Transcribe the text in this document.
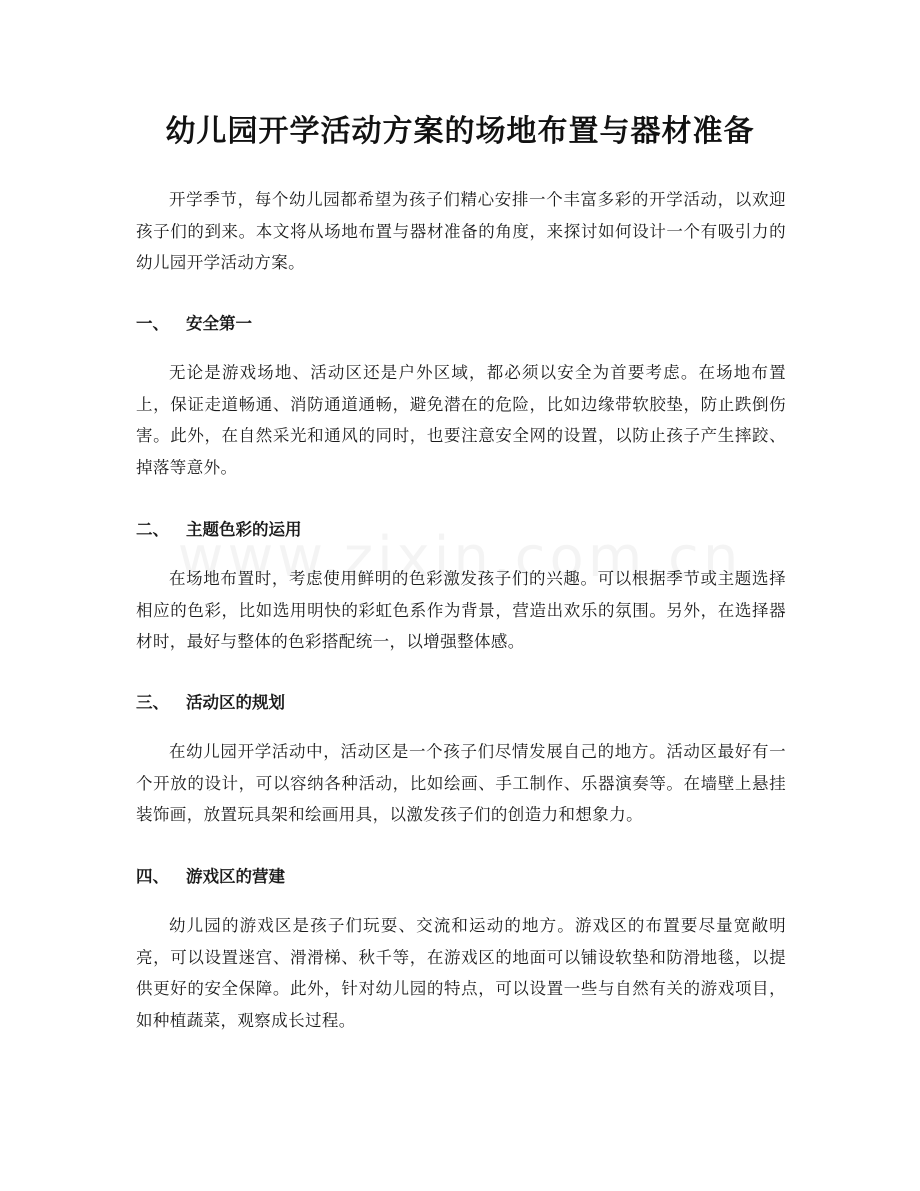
幼儿园开学活动方案的场地布置与器材准备

开学季节，每个幼儿园都希望为孩子们精心安排一个丰富多彩的开学活动，以欢迎孩子们的到来。本文将从场地布置与器材准备的角度，来探讨如何设计一个有吸引力的幼儿园开学活动方案。

一、 安全第一

无论是游戏场地、活动区还是户外区域，都必须以安全为首要考虑。在场地布置上，保证走道畅通、消防通道通畅，避免潜在的危险，比如边缘带软胶垫，防止跌倒伤害。此外，在自然采光和通风的同时，也要注意安全网的设置，以防止孩子产生摔跤、掉落等意外。

二、 主题色彩的运用

在场地布置时，考虑使用鲜明的色彩激发孩子们的兴趣。可以根据季节或主题选择相应的色彩，比如选用明快的彩虹色系作为背景，营造出欢乐的氛围。另外，在选择器材时，最好与整体的色彩搭配统一，以增强整体感。

三、 活动区的规划

在幼儿园开学活动中，活动区是一个孩子们尽情发展自己的地方。活动区最好有一个开放的设计，可以容纳各种活动，比如绘画、手工制作、乐器演奏等。在墙壁上悬挂装饰画，放置玩具架和绘画用具，以激发孩子们的创造力和想象力。

四、 游戏区的营建

幼儿园的游戏区是孩子们玩耍、交流和运动的地方。游戏区的布置要尽量宽敞明亮，可以设置迷宫、滑滑梯、秋千等，在游戏区的地面可以铺设软垫和防滑地毯，以提供更好的安全保障。此外，针对幼儿园的特点，可以设置一些与自然有关的游戏项目，如种植蔬菜，观察成长过程。
